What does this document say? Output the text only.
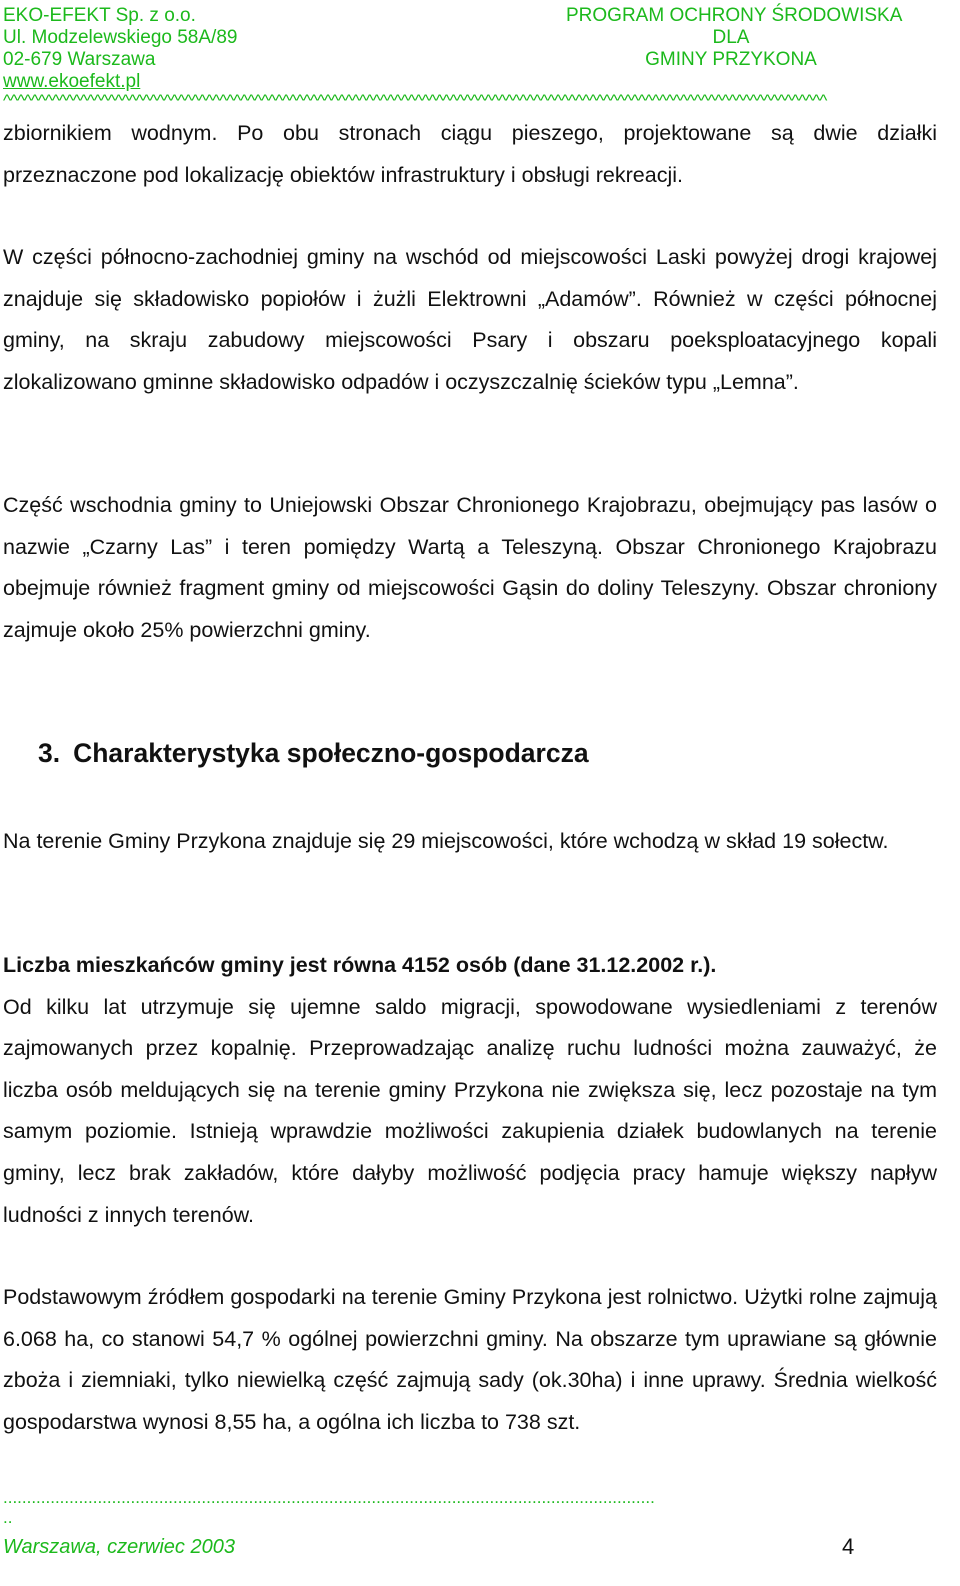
EKO-EFEKT Sp. z o.o.
Ul. Modzelewskiego 58A/89
02-679 Warszawa
www.ekoefekt.pl
PROGRAM OCHRONY ŚRODOWISKA
DLA
GMINY PRZYKONA
^^^^^^^^^^^^^^^^^^^^^^^^^^^^^^^^^^^^^^^^^^^^^^^^^^^^^^^^^^^^^^^^^^^^^^^^^^^^^^^^^^^^^^^^^^^^^^^^^^^^^^^^^^^^^^^^^^^^^^

zbiornikiem wodnym. Po obu stronach ciągu pieszego, projektowane są dwie działki przeznaczone pod lokalizację obiektów infrastruktury i obsługi rekreacji.

W części północno-zachodniej gminy na wschód od miejscowości Laski powyżej drogi krajowej znajduje się składowisko popiołów i żużli Elektrowni „Adamów”. Również w części północnej gminy, na skraju zabudowy miejscowości Psary i obszaru poeksploatacyjnego kopali zlokalizowano gminne składowisko odpadów i oczyszczalnię ścieków typu „Lemna”.

Część wschodnia gminy to Uniejowski Obszar Chronionego Krajobrazu, obejmujący pas lasów o nazwie „Czarny Las” i teren pomiędzy Wartą a Teleszyną. Obszar Chronionego Krajobrazu obejmuje również fragment gminy od miejscowości Gąsin do doliny Teleszyny. Obszar chroniony zajmuje około 25% powierzchni gminy.

3. Charakterystyka społeczno-gospodarcza

Na terenie Gminy Przykona znajduje się 29 miejscowości, które wchodzą w skład 19 sołectw.

Liczba mieszkańców gminy jest równa 4152 osób (dane 31.12.2002 r.).
Od kilku lat utrzymuje się ujemne saldo migracji, spowodowane wysiedleniami z terenów zajmowanych przez kopalnię. Przeprowadzając analizę ruchu ludności można zauważyć, że liczba osób meldujących się na terenie gminy Przykona nie zwiększa się, lecz pozostaje na tym samym poziomie. Istnieją wprawdzie możliwości zakupienia działek budowlanych na terenie gminy, lecz brak zakładów, które dałyby możliwość podjęcia pracy hamuje większy napływ ludności z innych terenów.

Podstawowym źródłem gospodarki na terenie Gminy Przykona jest rolnictwo. Użytki rolne zajmują 6.068 ha, co stanowi 54,7 % ogólnej powierzchni gminy. Na obszarze tym uprawiane są głównie zboża i ziemniaki, tylko niewielką część zajmują sady (ok.30ha) i inne uprawy. Średnia wielkość gospodarstwa wynosi 8,55 ha, a ogólna ich liczba to 738 szt.

..........................................................................................................................................
..
Warszawa, czerwiec 2003	4
